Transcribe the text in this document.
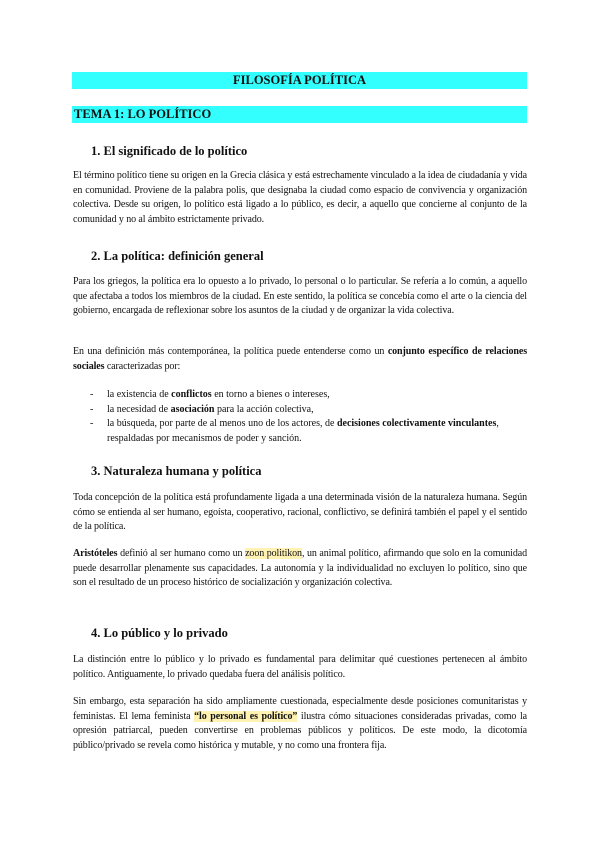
FILOSOFÍA POLÍTICA
TEMA 1: LO POLÍTICO
1. El significado de lo político

El término político tiene su origen en la Grecia clásica y está estrechamente vinculado a la idea de ciudadanía y vida en comunidad. Proviene de la palabra polis, que designaba la ciudad como espacio de convivencia y organización colectiva. Desde su origen, lo político está ligado a lo público, es decir, a aquello que concierne al conjunto de la comunidad y no al ámbito estrictamente privado.

2. La política: definición general

Para los griegos, la política era lo opuesto a lo privado, lo personal o lo particular. Se refería a lo común, a aquello que afectaba a todos los miembros de la ciudad. En este sentido, la política se concebía como el arte o la ciencia del gobierno, encargada de reflexionar sobre los asuntos de la ciudad y de organizar la vida colectiva.

En una definición más contemporánea, la política puede entenderse como un conjunto específico de relaciones sociales caracterizadas por:

- la existencia de conflictos en torno a bienes o intereses,
- la necesidad de asociación para la acción colectiva,
- la búsqueda, por parte de al menos uno de los actores, de decisiones colectivamente vinculantes, respaldadas por mecanismos de poder y sanción.
3. Naturaleza humana y política

Toda concepción de la política está profundamente ligada a una determinada visión de la naturaleza humana. Según cómo se entienda al ser humano, egoísta, cooperativo, racional, conflictivo, se definirá también el papel y el sentido de la política.

Aristóteles definió al ser humano como un zoon politikon, un animal político, afirmando que solo en la comunidad puede desarrollar plenamente sus capacidades. La autonomía y la individualidad no excluyen lo político, sino que son el resultado de un proceso histórico de socialización y organización colectiva.

4. Lo público y lo privado

La distinción entre lo público y lo privado es fundamental para delimitar qué cuestiones pertenecen al ámbito político. Antiguamente, lo privado quedaba fuera del análisis político.

Sin embargo, esta separación ha sido ampliamente cuestionada, especialmente desde posiciones comunitaristas y feministas. El lema feminista “lo personal es político” ilustra cómo situaciones consideradas privadas, como la opresión patriarcal, pueden convertirse en problemas públicos y políticos. De este modo, la dicotomía público/privado se revela como histórica y mutable, y no como una frontera fija.
